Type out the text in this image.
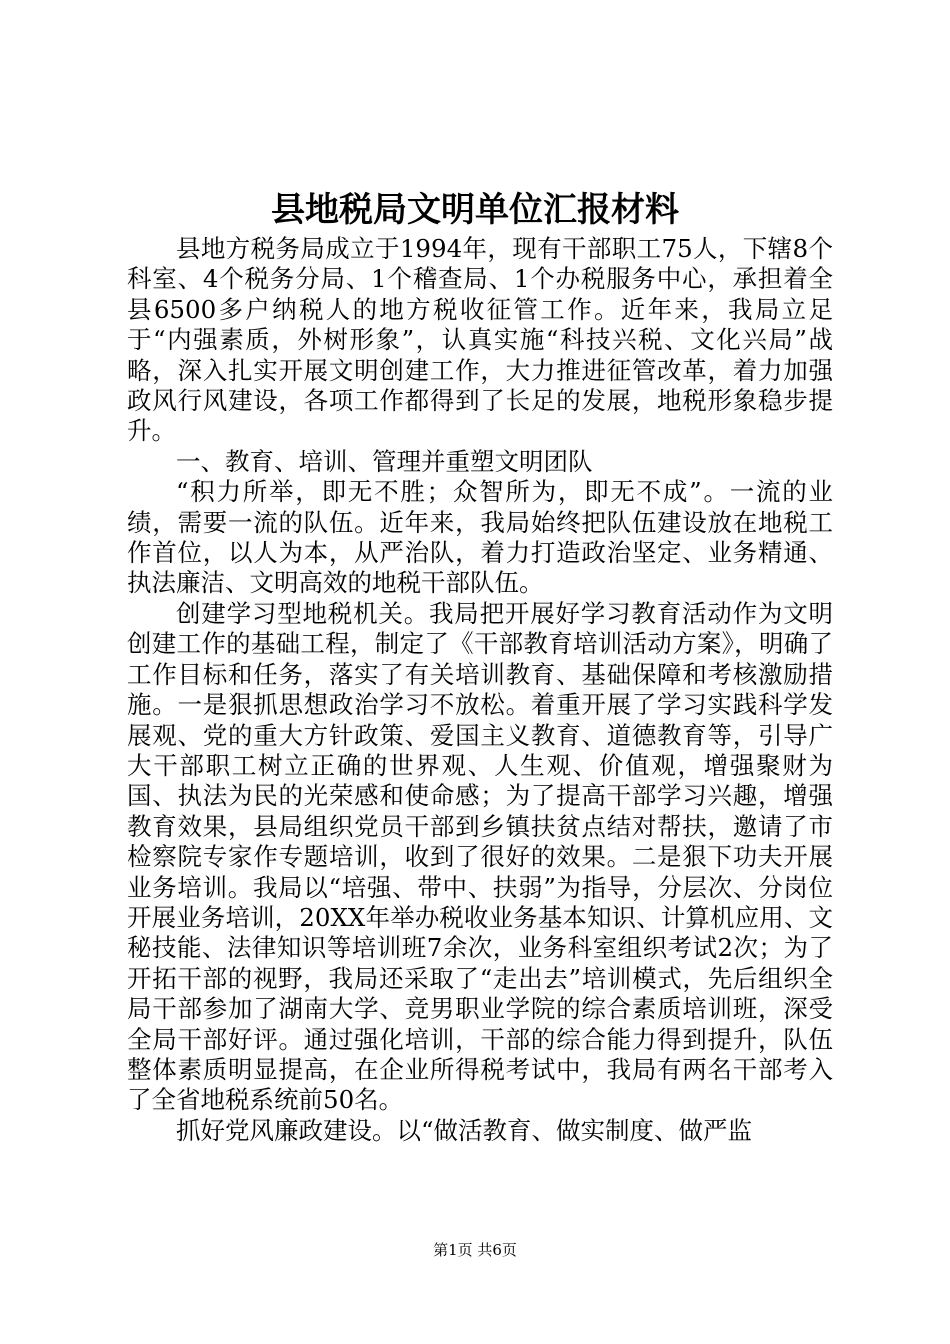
县地税局文明单位汇报材料

县地方税务局成立于1994年，现有干部职工75人，下辖8个科室、4个税务分局、1个稽查局、1个办税服务中心，承担着全县6500多户纳税人的地方税收征管工作。近年来，我局立足于“内强素质，外树形象”，认真实施“科技兴税、文化兴局”战略，深入扎实开展文明创建工作，大力推进征管改革，着力加强政风行风建设，各项工作都得到了长足的发展，地税形象稳步提升。

一、教育、培训、管理并重塑文明团队

“积力所举，即无不胜；众智所为，即无不成”。一流的业绩，需要一流的队伍。近年来，我局始终把队伍建设放在地税工作首位，以人为本，从严治队，着力打造政治坚定、业务精通、执法廉洁、文明高效的地税干部队伍。

创建学习型地税机关。我局把开展好学习教育活动作为文明创建工作的基础工程，制定了《干部教育培训活动方案》，明确了工作目标和任务，落实了有关培训教育、基础保障和考核激励措施。一是狠抓思想政治学习不放松。着重开展了学习实践科学发展观、党的重大方针政策、爱国主义教育、道德教育等，引导广大干部职工树立正确的世界观、人生观、价值观，增强聚财为国、执法为民的光荣感和使命感；为了提高干部学习兴趣，增强教育效果，县局组织党员干部到乡镇扶贫点结对帮扶，邀请了市检察院专家作专题培训，收到了很好的效果。二是狠下功夫开展业务培训。我局以“培强、带中、扶弱”为指导，分层次、分岗位开展业务培训，20XX年举办税收业务基本知识、计算机应用、文秘技能、法律知识等培训班7余次，业务科室组织考试2次；为了开拓干部的视野，我局还采取了“走出去”培训模式，先后组织全局干部参加了湖南大学、竞男职业学院的综合素质培训班，深受全局干部好评。通过强化培训，干部的综合能力得到提升，队伍整体素质明显提高，在企业所得税考试中，我局有两名干部考入了全省地税系统前50名。

抓好党风廉政建设。以“做活教育、做实制度、做严监

第1页 共6页
